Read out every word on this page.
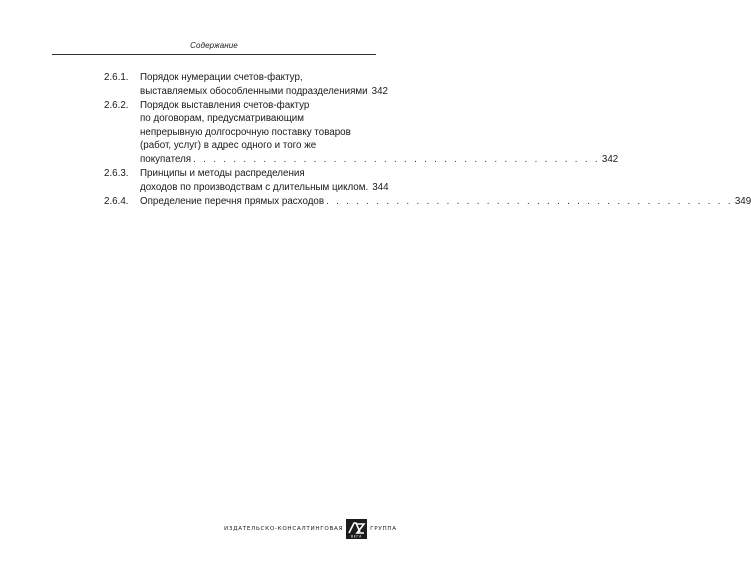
Содержание
2.6.1.	Порядок нумерации счетов-фактур,
выставляемых обособленными подразделениями 342
2.6.2.	Порядок выставления счетов-фактур
по договорам, предусматривающим
непрерывную долгосрочную поставку товаров
(работ, услуг) в адрес одного и того же
покупателя . . . . . . . . . . . . . . . . . . . . . . . . . . . . . . . . . . . . . . . . . 342
2.6.3.	Принципы и методы распределения
доходов по производствам с длительным циклом. 344
2.6.4.	Определение перечня прямых расходов . . . . . . . . . . . . . . . . . . . . . . . . . . . . . . . . . . . . . . . . . 349
ИЗДАТЕЛЬСКО-КОНСАЛТИНГОВАЯ
ВЕГА
ГРУППА
